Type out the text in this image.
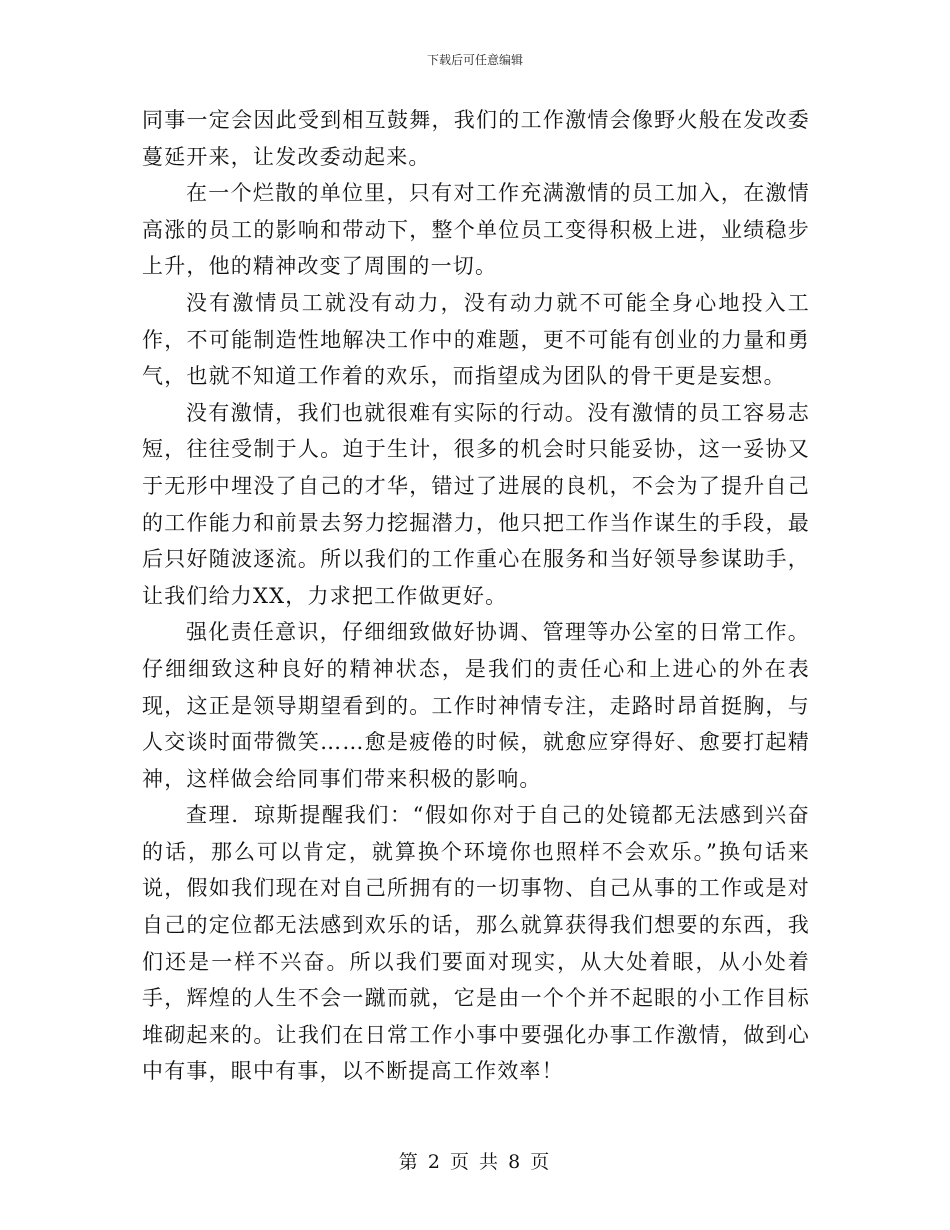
下载后可任意编辑

同事一定会因此受到相互鼓舞，我们的工作激情会像野火般在发改委蔓延开来，让发改委动起来。

在一个烂散的单位里，只有对工作充满激情的员工加入，在激情高涨的员工的影响和带动下，整个单位员工变得积极上进，业绩稳步上升，他的精神改变了周围的一切。

没有激情员工就没有动力，没有动力就不可能全身心地投入工作，不可能制造性地解决工作中的难题，更不可能有创业的力量和勇气，也就不知道工作着的欢乐，而指望成为团队的骨干更是妄想。

没有激情，我们也就很难有实际的行动。没有激情的员工容易志短，往往受制于人。迫于生计，很多的机会时只能妥协，这一妥协又于无形中埋没了自己的才华，错过了进展的良机，不会为了提升自己的工作能力和前景去努力挖掘潜力，他只把工作当作谋生的手段，最后只好随波逐流。所以我们的工作重心在服务和当好领导参谋助手，让我们给力XX，力求把工作做更好。

强化责任意识，仔细细致做好协调、管理等办公室的日常工作。仔细细致这种良好的精神状态，是我们的责任心和上进心的外在表现，这正是领导期望看到的。工作时神情专注，走路时昂首挺胸，与人交谈时面带微笑……愈是疲倦的时候，就愈应穿得好、愈要打起精神，这样做会给同事们带来积极的影响。

查理．琼斯提醒我们：“假如你对于自己的处镜都无法感到兴奋的话，那么可以肯定，就算换个环境你也照样不会欢乐。”换句话来说，假如我们现在对自己所拥有的一切事物、自己从事的工作或是对自己的定位都无法感到欢乐的话，那么就算获得我们想要的东西，我们还是一样不兴奋。所以我们要面对现实，从大处着眼，从小处着手，辉煌的人生不会一蹴而就，它是由一个个并不起眼的小工作目标堆砌起来的。让我们在日常工作小事中要强化办事工作激情，做到心中有事，眼中有事，以不断提高工作效率！

第 2 页 共 8 页
